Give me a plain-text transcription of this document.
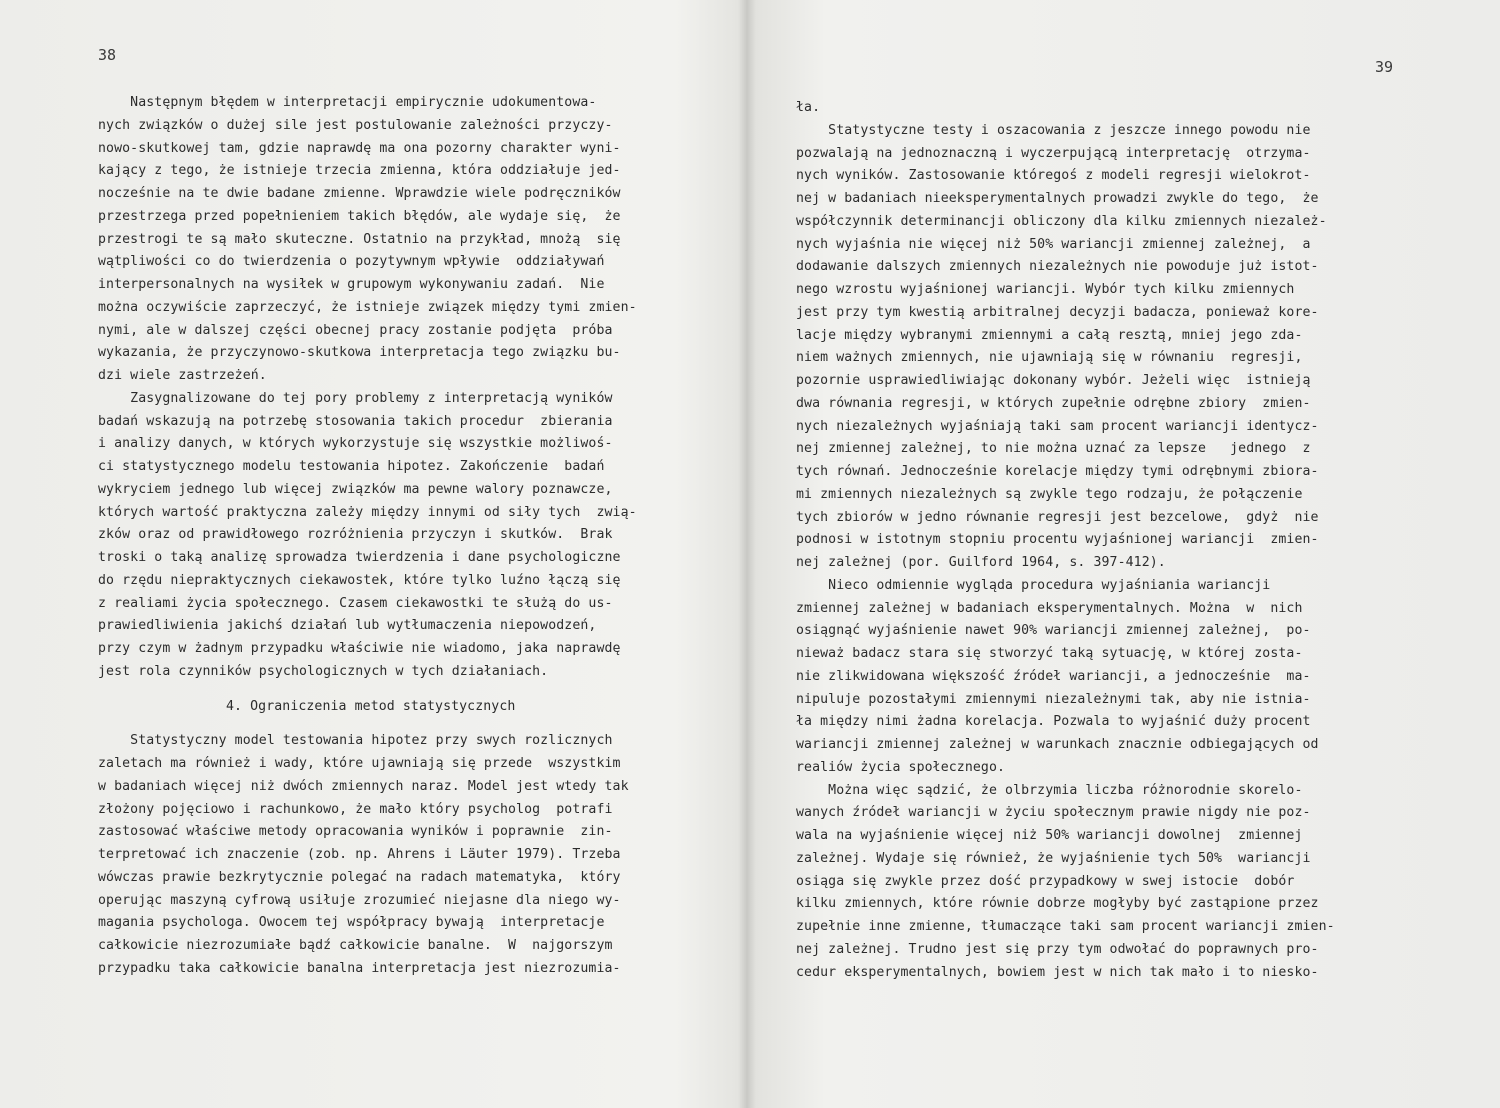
38
Następnym błędem w interpretacji empirycznie udokumentowa-
nych związków o dużej sile jest postulowanie zależności przyczy-
nowo-skutkowej tam, gdzie naprawdę ma ona pozorny charakter wyni-
kający z tego, że istnieje trzecia zmienna, która oddziałuje jed-
nocześnie na te dwie badane zmienne. Wprawdzie wiele podręczników
przestrzega przed popełnieniem takich błędów, ale wydaje się,  że
przestrogi te są mało skuteczne. Ostatnio na przykład, mnożą  się
wątpliwości co do twierdzenia o pozytywnym wpływie  oddziaływań
interpersonalnych na wysiłek w grupowym wykonywaniu zadań.  Nie
można oczywiście zaprzeczyć, że istnieje związek między tymi zmien-
nymi, ale w dalszej części obecnej pracy zostanie podjęta  próba
wykazania, że przyczynowo-skutkowa interpretacja tego związku bu-
dzi wiele zastrzeżeń.
Zasygnalizowane do tej pory problemy z interpretacją wyników
badań wskazują na potrzebę stosowania takich procedur  zbierania
i analizy danych, w których wykorzystuje się wszystkie możliwoś-
ci statystycznego modelu testowania hipotez. Zakończenie  badań
wykryciem jednego lub więcej związków ma pewne walory poznawcze,
których wartość praktyczna zależy między innymi od siły tych  zwią-
zków oraz od prawidłowego rozróżnienia przyczyn i skutków.  Brak
troski o taką analizę sprowadza twierdzenia i dane psychologiczne
do rzędu niepraktycznych ciekawostek, które tylko luźno łączą się
z realiami życia społecznego. Czasem ciekawostki te służą do us-
prawiedliwienia jakichś działań lub wytłumaczenia niepowodzeń,
przy czym w żadnym przypadku właściwie nie wiadomo, jaka naprawdę
jest rola czynników psychologicznych w tych działaniach.
4. Ograniczenia metod statystycznych
Statystyczny model testowania hipotez przy swych rozlicznych
zaletach ma również i wady, które ujawniają się przede  wszystkim
w badaniach więcej niż dwóch zmiennych naraz. Model jest wtedy tak
złożony pojęciowo i rachunkowo, że mało który psycholog  potrafi
zastosować właściwe metody opracowania wyników i poprawnie  zin-
terpretować ich znaczenie (zob. np. Ahrens i Läuter 1979). Trzeba
wówczas prawie bezkrytycznie polegać na radach matematyka,  który
operując maszyną cyfrową usiłuje zrozumieć niejasne dla niego wy-
magania psychologa. Owocem tej współpracy bywają  interpretacje
całkowicie niezrozumiałe bądź całkowicie banalne.  W  najgorszym
przypadku taka całkowicie banalna interpretacja jest niezrozumia-
39
ła.
Statystyczne testy i oszacowania z jeszcze innego powodu nie
pozwalają na jednoznaczną i wyczerpującą interpretację  otrzyma-
nych wyników. Zastosowanie któregoś z modeli regresji wielokrot-
nej w badaniach nieeksperymentalnych prowadzi zwykle do tego,  że
współczynnik determinancji obliczony dla kilku zmiennych niezależ-
nych wyjaśnia nie więcej niż 50% wariancji zmiennej zależnej,  a
dodawanie dalszych zmiennych niezależnych nie powoduje już istot-
nego wzrostu wyjaśnionej wariancji. Wybór tych kilku zmiennych
jest przy tym kwestią arbitralnej decyzji badacza, ponieważ kore-
lacje między wybranymi zmiennymi a całą resztą, mniej jego zda-
niem ważnych zmiennych, nie ujawniają się w równaniu  regresji,
pozornie usprawiedliwiając dokonany wybór. Jeżeli więc  istnieją
dwa równania regresji, w których zupełnie odrębne zbiory  zmien-
nych niezależnych wyjaśniają taki sam procent wariancji identycz-
nej zmiennej zależnej, to nie można uznać za lepsze   jednego  z
tych równań. Jednocześnie korelacje między tymi odrębnymi zbiora-
mi zmiennych niezależnych są zwykle tego rodzaju, że połączenie
tych zbiorów w jedno równanie regresji jest bezcelowe,  gdyż  nie
podnosi w istotnym stopniu procentu wyjaśnionej wariancji  zmien-
nej zależnej (por. Guilford 1964, s. 397-412).
Nieco odmiennie wygląda procedura wyjaśniania wariancji
zmiennej zależnej w badaniach eksperymentalnych. Można  w  nich
osiągnąć wyjaśnienie nawet 90% wariancji zmiennej zależnej,  po-
nieważ badacz stara się stworzyć taką sytuację, w której zosta-
nie zlikwidowana większość źródeł wariancji, a jednocześnie  ma-
nipuluje pozostałymi zmiennymi niezależnymi tak, aby nie istnia-
ła między nimi żadna korelacja. Pozwala to wyjaśnić duży procent
wariancji zmiennej zależnej w warunkach znacznie odbiegających od
realiów życia społecznego.
Można więc sądzić, że olbrzymia liczba różnorodnie skorelo-
wanych źródeł wariancji w życiu społecznym prawie nigdy nie poz-
wala na wyjaśnienie więcej niż 50% wariancji dowolnej  zmiennej
zależnej. Wydaje się również, że wyjaśnienie tych 50%  wariancji
osiąga się zwykle przez dość przypadkowy w swej istocie  dobór
kilku zmiennych, które równie dobrze mogłyby być zastąpione przez
zupełnie inne zmienne, tłumaczące taki sam procent wariancji zmien-
nej zależnej. Trudno jest się przy tym odwołać do poprawnych pro-
cedur eksperymentalnych, bowiem jest w nich tak mało i to niesko-
